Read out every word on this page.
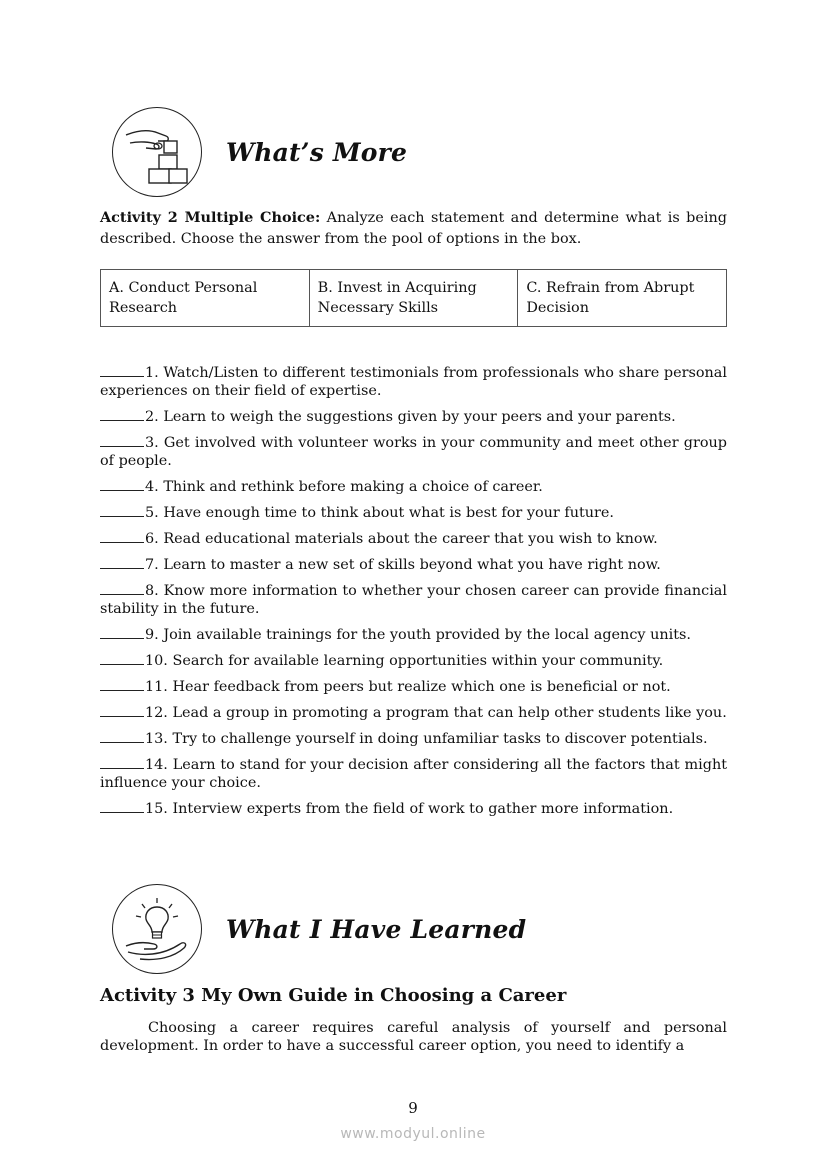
What’s More
Activity 2 Multiple Choice: Analyze each statement and determine what is being described. Choose the answer from the pool of options in the box.
A. Conduct Personal Research
B. Invest in Acquiring Necessary Skills
C. Refrain from Abrupt Decision
1. Watch/Listen to different testimonials from professionals who share personal experiences on their field of expertise.
2. Learn to weigh the suggestions given by your peers and your parents.
3. Get involved with volunteer works in your community and meet other group of people.
4. Think and rethink before making a choice of career.
5. Have enough time to think about what is best for your future.
6. Read educational materials about the career that you wish to know.
7. Learn to master a new set of skills beyond what you have right now.
8. Know more information to whether your chosen career can provide financial stability in the future.
9. Join available trainings for the youth provided by the local agency units.
10. Search for available learning opportunities within your community.
11. Hear feedback from peers but realize which one is beneficial or not.
12. Lead a group in promoting a program that can help other students like you.
13. Try to challenge yourself in doing unfamiliar tasks to discover potentials.
14. Learn to stand for your decision after considering all the factors that might influence your choice.
15. Interview experts from the field of work to gather more information.
What I Have Learned
Activity 3 My Own Guide in Choosing a Career
Choosing a career requires careful analysis of yourself and personal development. In order to have a successful career option, you need to identify a
9
www.modyul.online
